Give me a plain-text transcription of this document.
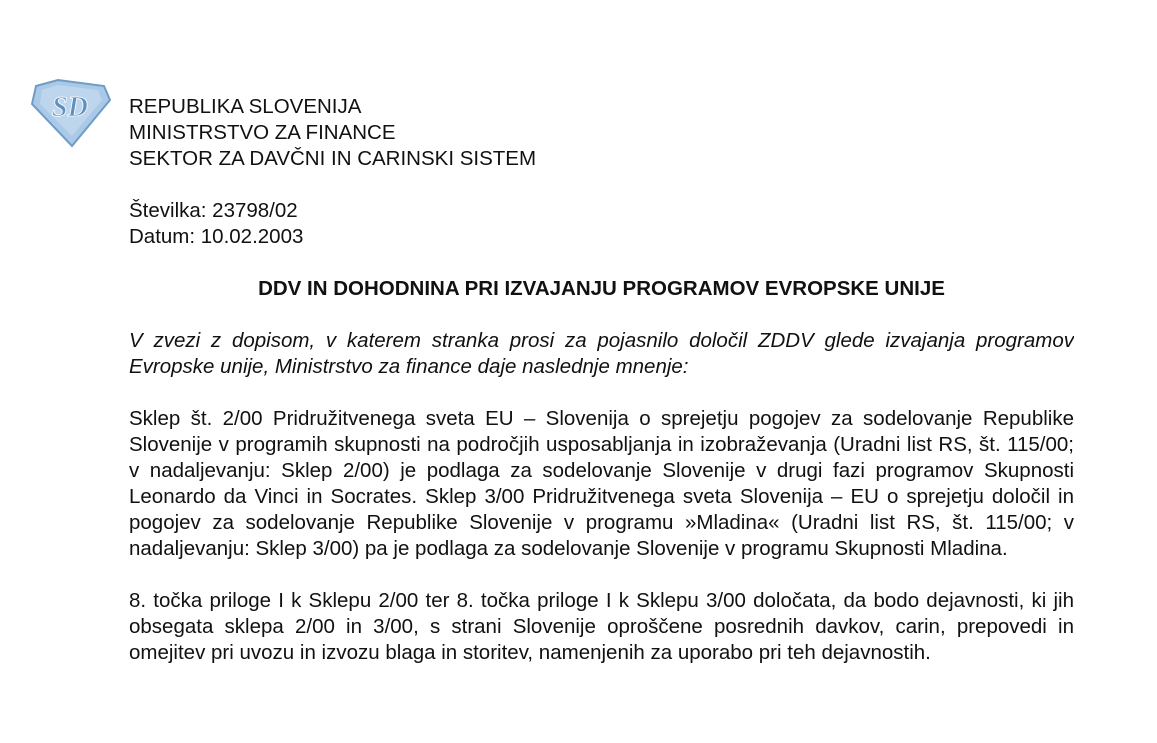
SD REPUBLIKA SLOVENIJA
MINISTRSTVO ZA FINANCE
SEKTOR ZA DAVČNI IN CARINSKI SISTEM
Številka: 23798/02
Datum: 10.02.2003
DDV IN DOHODNINA PRI IZVAJANJU PROGRAMOV EVROPSKE UNIJE
V zvezi z dopisom, v katerem stranka prosi za pojasnilo določil ZDDV glede izvajanja programov Evropske unije, Ministrstvo za finance daje naslednje mnenje:
Sklep št. 2/00 Pridružitvenega sveta EU – Slovenija o sprejetju pogojev za sodelovanje Republike Slovenije v programih skupnosti na področjih usposabljanja in izobraževanja (Uradni list RS, št. 115/00; v nadaljevanju: Sklep 2/00) je podlaga za sodelovanje Slovenije v drugi fazi programov Skupnosti Leonardo da Vinci in Socrates. Sklep 3/00 Pridružitvenega sveta Slovenija – EU o sprejetju določil in pogojev za sodelovanje Republike Slovenije v programu »Mladina« (Uradni list RS, št. 115/00; v nadaljevanju: Sklep 3/00) pa je podlaga za sodelovanje Slovenije v programu Skupnosti Mladina.
8. točka priloge I k Sklepu 2/00 ter 8. točka priloge I k Sklepu 3/00 določata, da bodo dejavnosti, ki jih obsegata sklepa 2/00 in 3/00, s strani Slovenije oproščene posrednih davkov, carin, prepovedi in omejitev pri uvozu in izvozu blaga in storitev, namenjenih za uporabo pri teh dejavnostih.
